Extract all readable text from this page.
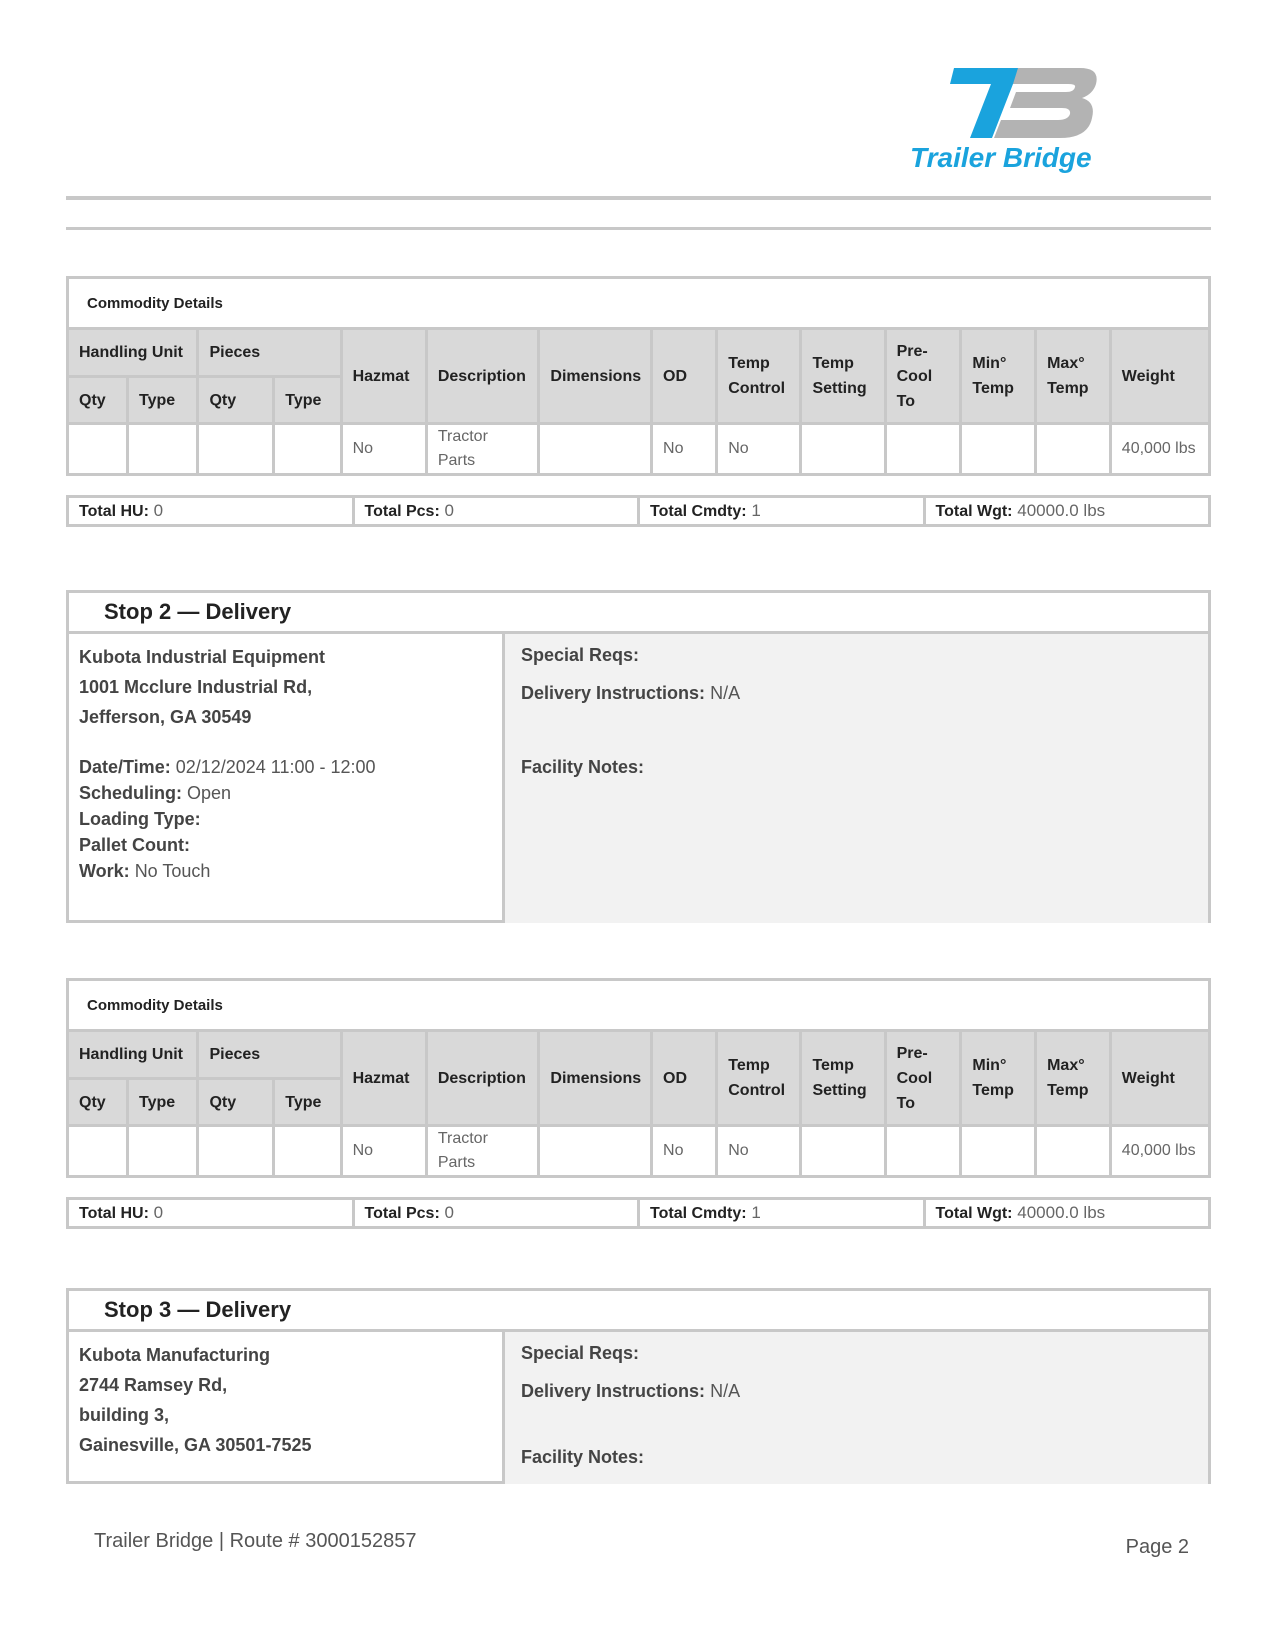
Trailer Bridge
Commodity Details													
Handling Unit		Pieces		Hazmat	Description	Dimensions	OD	Temp Control	Temp Setting	Pre-Cool To	Min° Temp	Max° Temp	Weight
Qty	Type	Qty	Type										
				No	Tractor Parts		No	No					40,000 lbs
Total HU: 0	Total Pcs: 0	Total Cmdty: 1	Total Wgt: 40000.0 lbs
Stop 2 — Delivery
Kubota Industrial Equipment
1001 Mcclure Industrial Rd,
Jefferson, GA 30549
Date/Time: 02/12/2024 11:00 - 12:00
Scheduling: Open
Loading Type:
Pallet Count:
Work: No Touch
Special Reqs:
Delivery Instructions: N/A
Facility Notes:
Commodity Details													
Handling Unit		Pieces		Hazmat	Description	Dimensions	OD	Temp Control	Temp Setting	Pre-Cool To	Min° Temp	Max° Temp	Weight
Qty	Type	Qty	Type										
				No	Tractor Parts		No	No					40,000 lbs
Total HU: 0	Total Pcs: 0	Total Cmdty: 1	Total Wgt: 40000.0 lbs
Stop 3 — Delivery
Kubota Manufacturing
2744 Ramsey Rd,
building 3,
Gainesville, GA 30501-7525
Special Reqs:
Delivery Instructions: N/A
Facility Notes:
Trailer Bridge | Route # 3000152857	Page 2
